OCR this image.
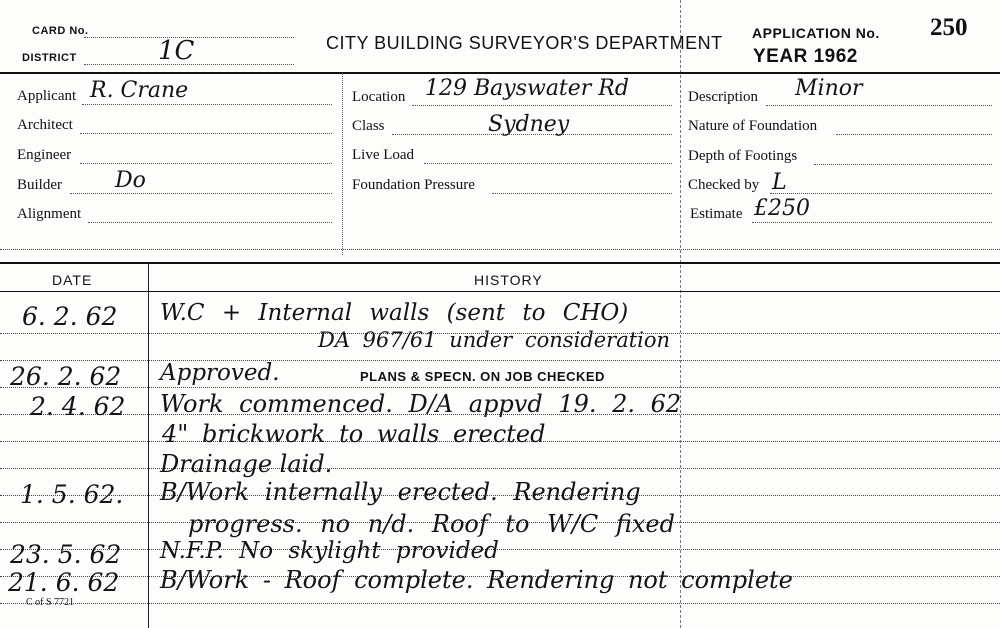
CARD No.
DISTRICT	1C	CITY BUILDING SURVEYOR'S DEPARTMENT APPLICATION No. 250
YEAR 1962
Applicant R. Crane
Architect
Engineer
Builder Do
Alignment
Location 129 Bayswater Rd
Class	Sydney
Live Load
Foundation Pressure
Description Minor
Nature of Foundation
Depth of Footings
Checked by L
Estimate £250
DATE	HISTORY
6. 2. 62 W.C + Internal walls (sent to CHO)
DA 967/61 under consideration
26. 2. 62 Approved.	PLANS & SPECN. ON JOB CHECKED
2. 4. 62 Work commenced. D/A appvd 19. 2. 62
4" brickwork to walls erected
Drainage laid.
1. 5. 62. B/Work internally erected. Rendering
progress. no n/d. Roof to W/C fixed
23. 5. 62 N.F.P. No skylight provided
21. 6. 62 B/Work - Roof complete. Rendering not complete
C of S 7721
